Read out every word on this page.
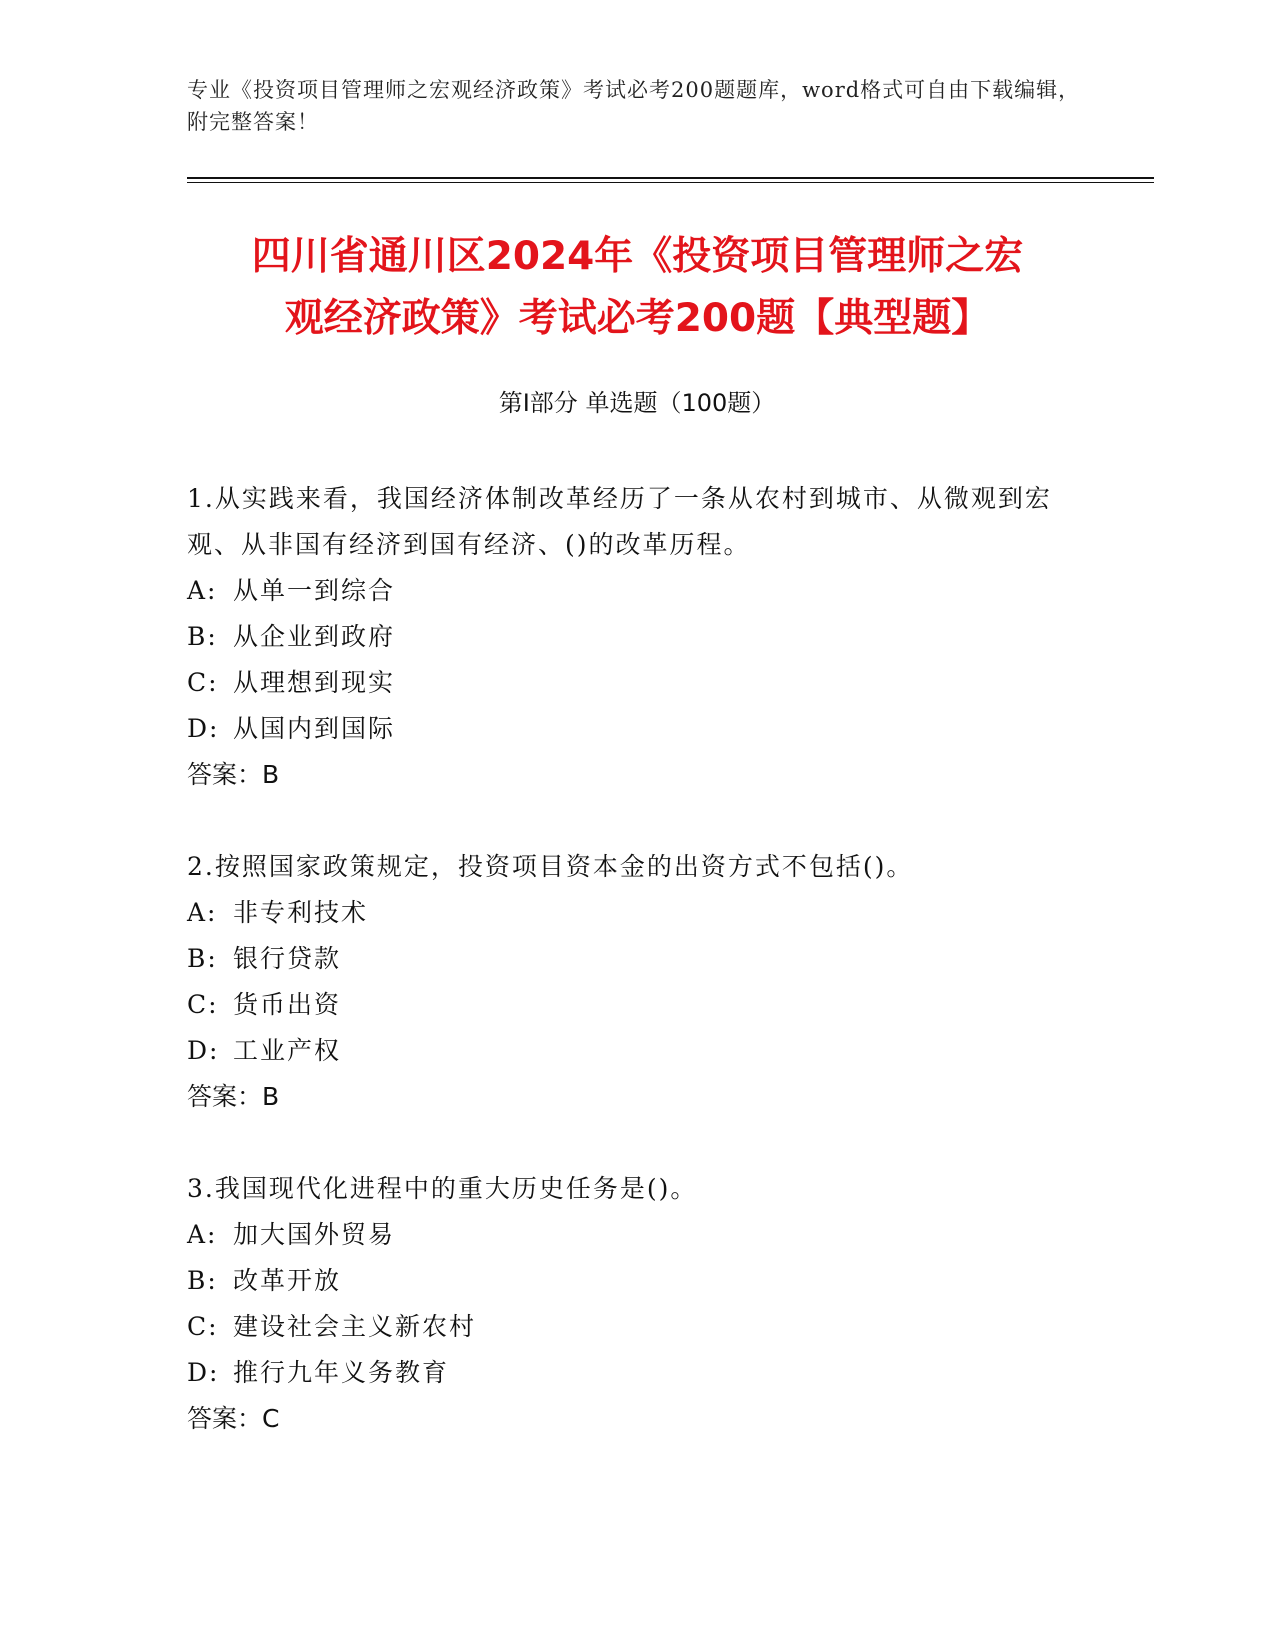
专业《投资项目管理师之宏观经济政策》考试必考200题题库，word格式可自由下载编辑，附完整答案！
四川省通川区2024年《投资项目管理师之宏
观经济政策》考试必考200题【典型题】
第I部分 单选题（100题）

1.从实践来看，我国经济体制改革经历了一条从农村到城市、从微观到宏观、从非国有经济到国有经济、()的改革历程。

A: 从单一到综合

B: 从企业到政府

C: 从理想到现实

D: 从国内到国际

答案：B

2.按照国家政策规定，投资项目资本金的出资方式不包括()。

A: 非专利技术

B: 银行贷款

C: 货币出资

D: 工业产权

答案：B

3.我国现代化进程中的重大历史任务是()。

A: 加大国外贸易

B: 改革开放

C: 建设社会主义新农村

D: 推行九年义务教育

答案：C
